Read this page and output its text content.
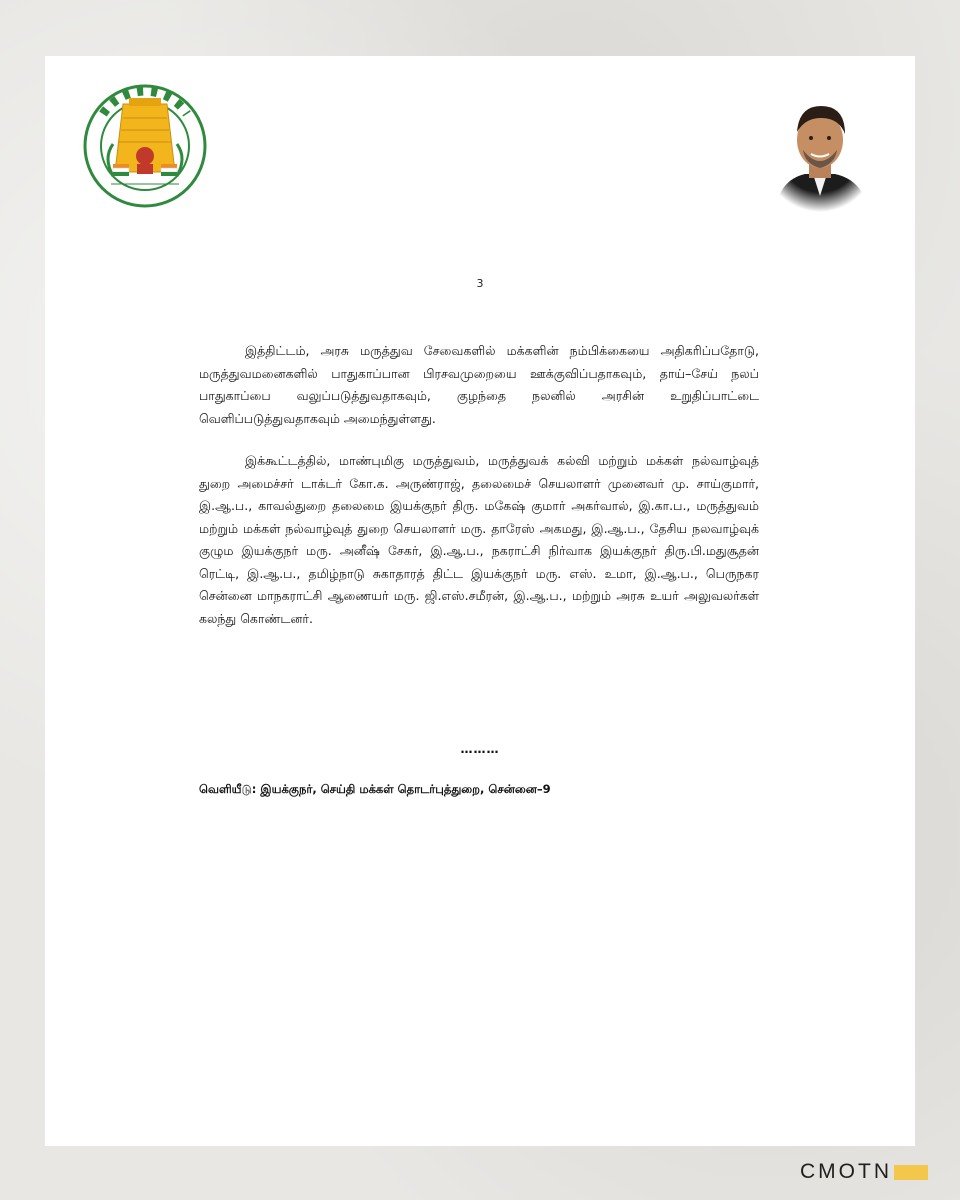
3

இத்திட்டம், அரசு மருத்துவ சேவைகளில் மக்களின் நம்பிக்கையை அதிகரிப்பதோடு, மருத்துவமனைகளில் பாதுகாப்பான பிரசவமுறையை ஊக்குவிப்பதாகவும், தாய்–சேய் நலப் பாதுகாப்பை வலுப்படுத்துவதாகவும், குழந்தை நலனில் அரசின் உறுதிப்பாட்டை வெளிப்படுத்துவதாகவும் அமைந்துள்ளது.

இக்கூட்டத்தில், மாண்புமிகு மருத்துவம், மருத்துவக் கல்வி மற்றும் மக்கள் நல்வாழ்வுத் துறை அமைச்சர் டாக்டர் கோ.க. அருண்ராஜ், தலைமைச் செயலாளர் முனைவர் மு. சாய்குமார், இ.ஆ.ப., காவல்துறை தலைமை இயக்குநர் திரு. மகேஷ் குமார் அகர்வால், இ.கா.ப., மருத்துவம் மற்றும் மக்கள் நல்வாழ்வுத் துறை செயலாளர் மரு. தாரேஸ் அகமது, இ.ஆ.ப., தேசிய நலவாழ்வுக் குழும இயக்குநர் மரு. அனீஷ் சேகர், இ.ஆ.ப., நகராட்சி நிர்வாக இயக்குநர் திரு.பி.மதுசூதன் ரெட்டி, இ.ஆ.ப., தமிழ்நாடு சுகாதாரத் திட்ட இயக்குநர் மரு. எஸ். உமா, இ.ஆ.ப., பெருநகர சென்னை மாநகராட்சி ஆணையர் மரு. ஜி.எஸ்.சமீரன், இ.ஆ.ப., மற்றும் அரசு உயர் அலுவலர்கள் கலந்து கொண்டனர்.

………
வெளியீடு: இயக்குநர், செய்தி மக்கள் தொடர்புத்துறை, சென்னை–9
CMOTN
